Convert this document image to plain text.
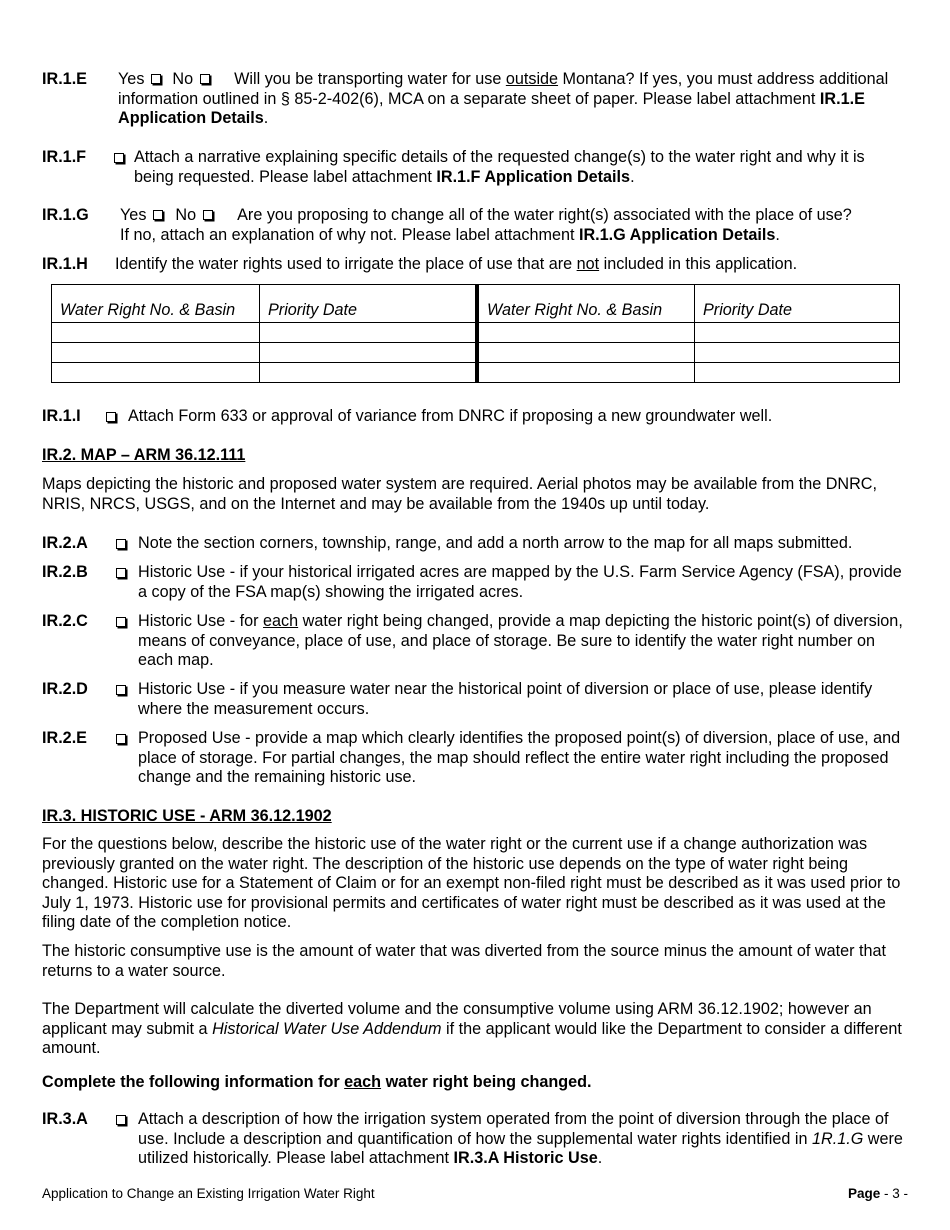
IR.1.E	Yes No	Will you be transporting water for use outside Montana? If yes, you must address additional information outlined in § 85-2-402(6), MCA on a separate sheet of paper. Please label attachment IR.1.E Application Details.
IR.1.F	Attach a narrative explaining specific details of the requested change(s) to the water right and why it is being requested. Please label attachment IR.1.F Application Details.
IR.1.G	Yes No	Are you proposing to change all of the water right(s) associated with the place of use?
If no, attach an explanation of why not. Please label attachment IR.1.G Application Details.
IR.1.H	Identify the water rights used to irrigate the place of use that are not included in this application.
Water Right No. & Basin	Priority Date	Water Right No. & Basin	Priority Date

IR.1.I	Attach Form 633 or approval of variance from DNRC if proposing a new groundwater well.
IR.2. MAP – ARM 36.12.111

Maps depicting the historic and proposed water system are required. Aerial photos may be available from the DNRC, NRIS, NRCS, USGS, and on the Internet and may be available from the 1940s up until today.

IR.2.A	Note the section corners, township, range, and add a north arrow to the map for all maps submitted.
IR.2.B	Historic Use - if your historical irrigated acres are mapped by the U.S. Farm Service Agency (FSA), provide a copy of the FSA map(s) showing the irrigated acres.
IR.2.C	Historic Use - for each water right being changed, provide a map depicting the historic point(s) of diversion, means of conveyance, place of use, and place of storage. Be sure to identify the water right number on each map.
IR.2.D	Historic Use - if you measure water near the historical point of diversion or place of use, please identify where the measurement occurs.
IR.2.E	Proposed Use - provide a map which clearly identifies the proposed point(s) of diversion, place of use, and place of storage. For partial changes, the map should reflect the entire water right including the proposed change and the remaining historic use.
IR.3. HISTORIC USE - ARM 36.12.1902

For the questions below, describe the historic use of the water right or the current use if a change authorization was previously granted on the water right. The description of the historic use depends on the type of water right being changed. Historic use for a Statement of Claim or for an exempt non-filed right must be described as it was used prior to July 1, 1973. Historic use for provisional permits and certificates of water right must be described as it was used at the filing date of the completion notice.

The historic consumptive use is the amount of water that was diverted from the source minus the amount of water that returns to a water source.

The Department will calculate the diverted volume and the consumptive volume using ARM 36.12.1902; however an applicant may submit a Historical Water Use Addendum if the applicant would like the Department to consider a different amount.

Complete the following information for each water right being changed.

IR.3.A	Attach a description of how the irrigation system operated from the point of diversion through the place of use. Include a description and quantification of how the supplemental water rights identified in 1R.1.G were utilized historically. Please label attachment IR.3.A Historic Use.
Application to Change an Existing Irrigation Water Right	Page - 3 -
